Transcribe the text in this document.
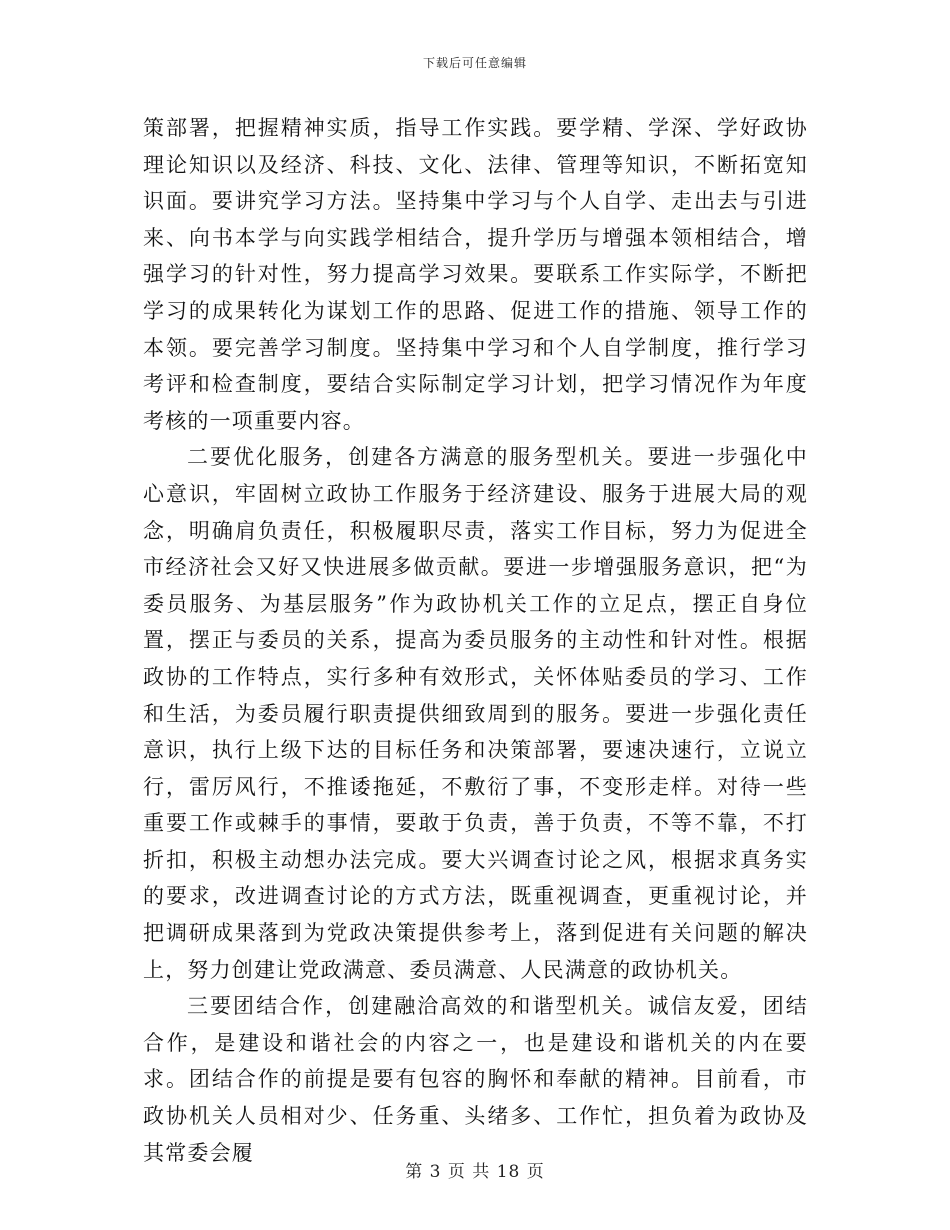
下载后可任意编辑

策部署，把握精神实质，指导工作实践。要学精、学深、学好政协理论知识以及经济、科技、文化、法律、管理等知识，不断拓宽知识面。要讲究学习方法。坚持集中学习与个人自学、走出去与引进来、向书本学与向实践学相结合，提升学历与增强本领相结合，增强学习的针对性，努力提高学习效果。要联系工作实际学，不断把学习的成果转化为谋划工作的思路、促进工作的措施、领导工作的本领。要完善学习制度。坚持集中学习和个人自学制度，推行学习考评和检查制度，要结合实际制定学习计划，把学习情况作为年度考核的一项重要内容。

二要优化服务，创建各方满意的服务型机关。要进一步强化中心意识，牢固树立政协工作服务于经济建设、服务于进展大局的观念，明确肩负责任，积极履职尽责，落实工作目标，努力为促进全市经济社会又好又快进展多做贡献。要进一步增强服务意识，把“为委员服务、为基层服务”作为政协机关工作的立足点，摆正自身位置，摆正与委员的关系，提高为委员服务的主动性和针对性。根据政协的工作特点，实行多种有效形式，关怀体贴委员的学习、工作和生活，为委员履行职责提供细致周到的服务。要进一步强化责任意识，执行上级下达的目标任务和决策部署，要速决速行，立说立行，雷厉风行，不推诿拖延，不敷衍了事，不变形走样。对待一些重要工作或棘手的事情，要敢于负责，善于负责，不等不靠，不打折扣，积极主动想办法完成。要大兴调查讨论之风，根据求真务实的要求，改进调查讨论的方式方法，既重视调查，更重视讨论，并把调研成果落到为党政决策提供参考上，落到促进有关问题的解决上，努力创建让党政满意、委员满意、人民满意的政协机关。

三要团结合作，创建融洽高效的和谐型机关。诚信友爱，团结合作，是建设和谐社会的内容之一，也是建设和谐机关的内在要求。团结合作的前提是要有包容的胸怀和奉献的精神。目前看，市政协机关人员相对少、任务重、头绪多、工作忙，担负着为政协及其常委会履

第 3 页 共 18 页
